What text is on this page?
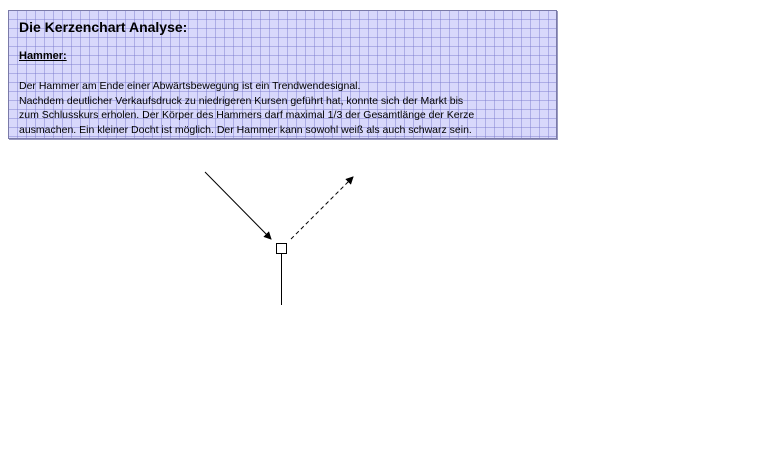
Die Kerzenchart Analyse:
Hammer:
Der Hammer am Ende einer Abwärtsbewegung ist ein Trendwendesignal.
Nachdem deutlicher Verkaufsdruck zu niedrigeren Kursen geführt hat, konnte sich der Markt bis
zum Schlusskurs erholen. Der Körper des Hammers darf maximal 1/3 der Gesamtlänge der Kerze
ausmachen. Ein kleiner Docht ist möglich. Der Hammer kann sowohl weiß als auch schwarz sein.
